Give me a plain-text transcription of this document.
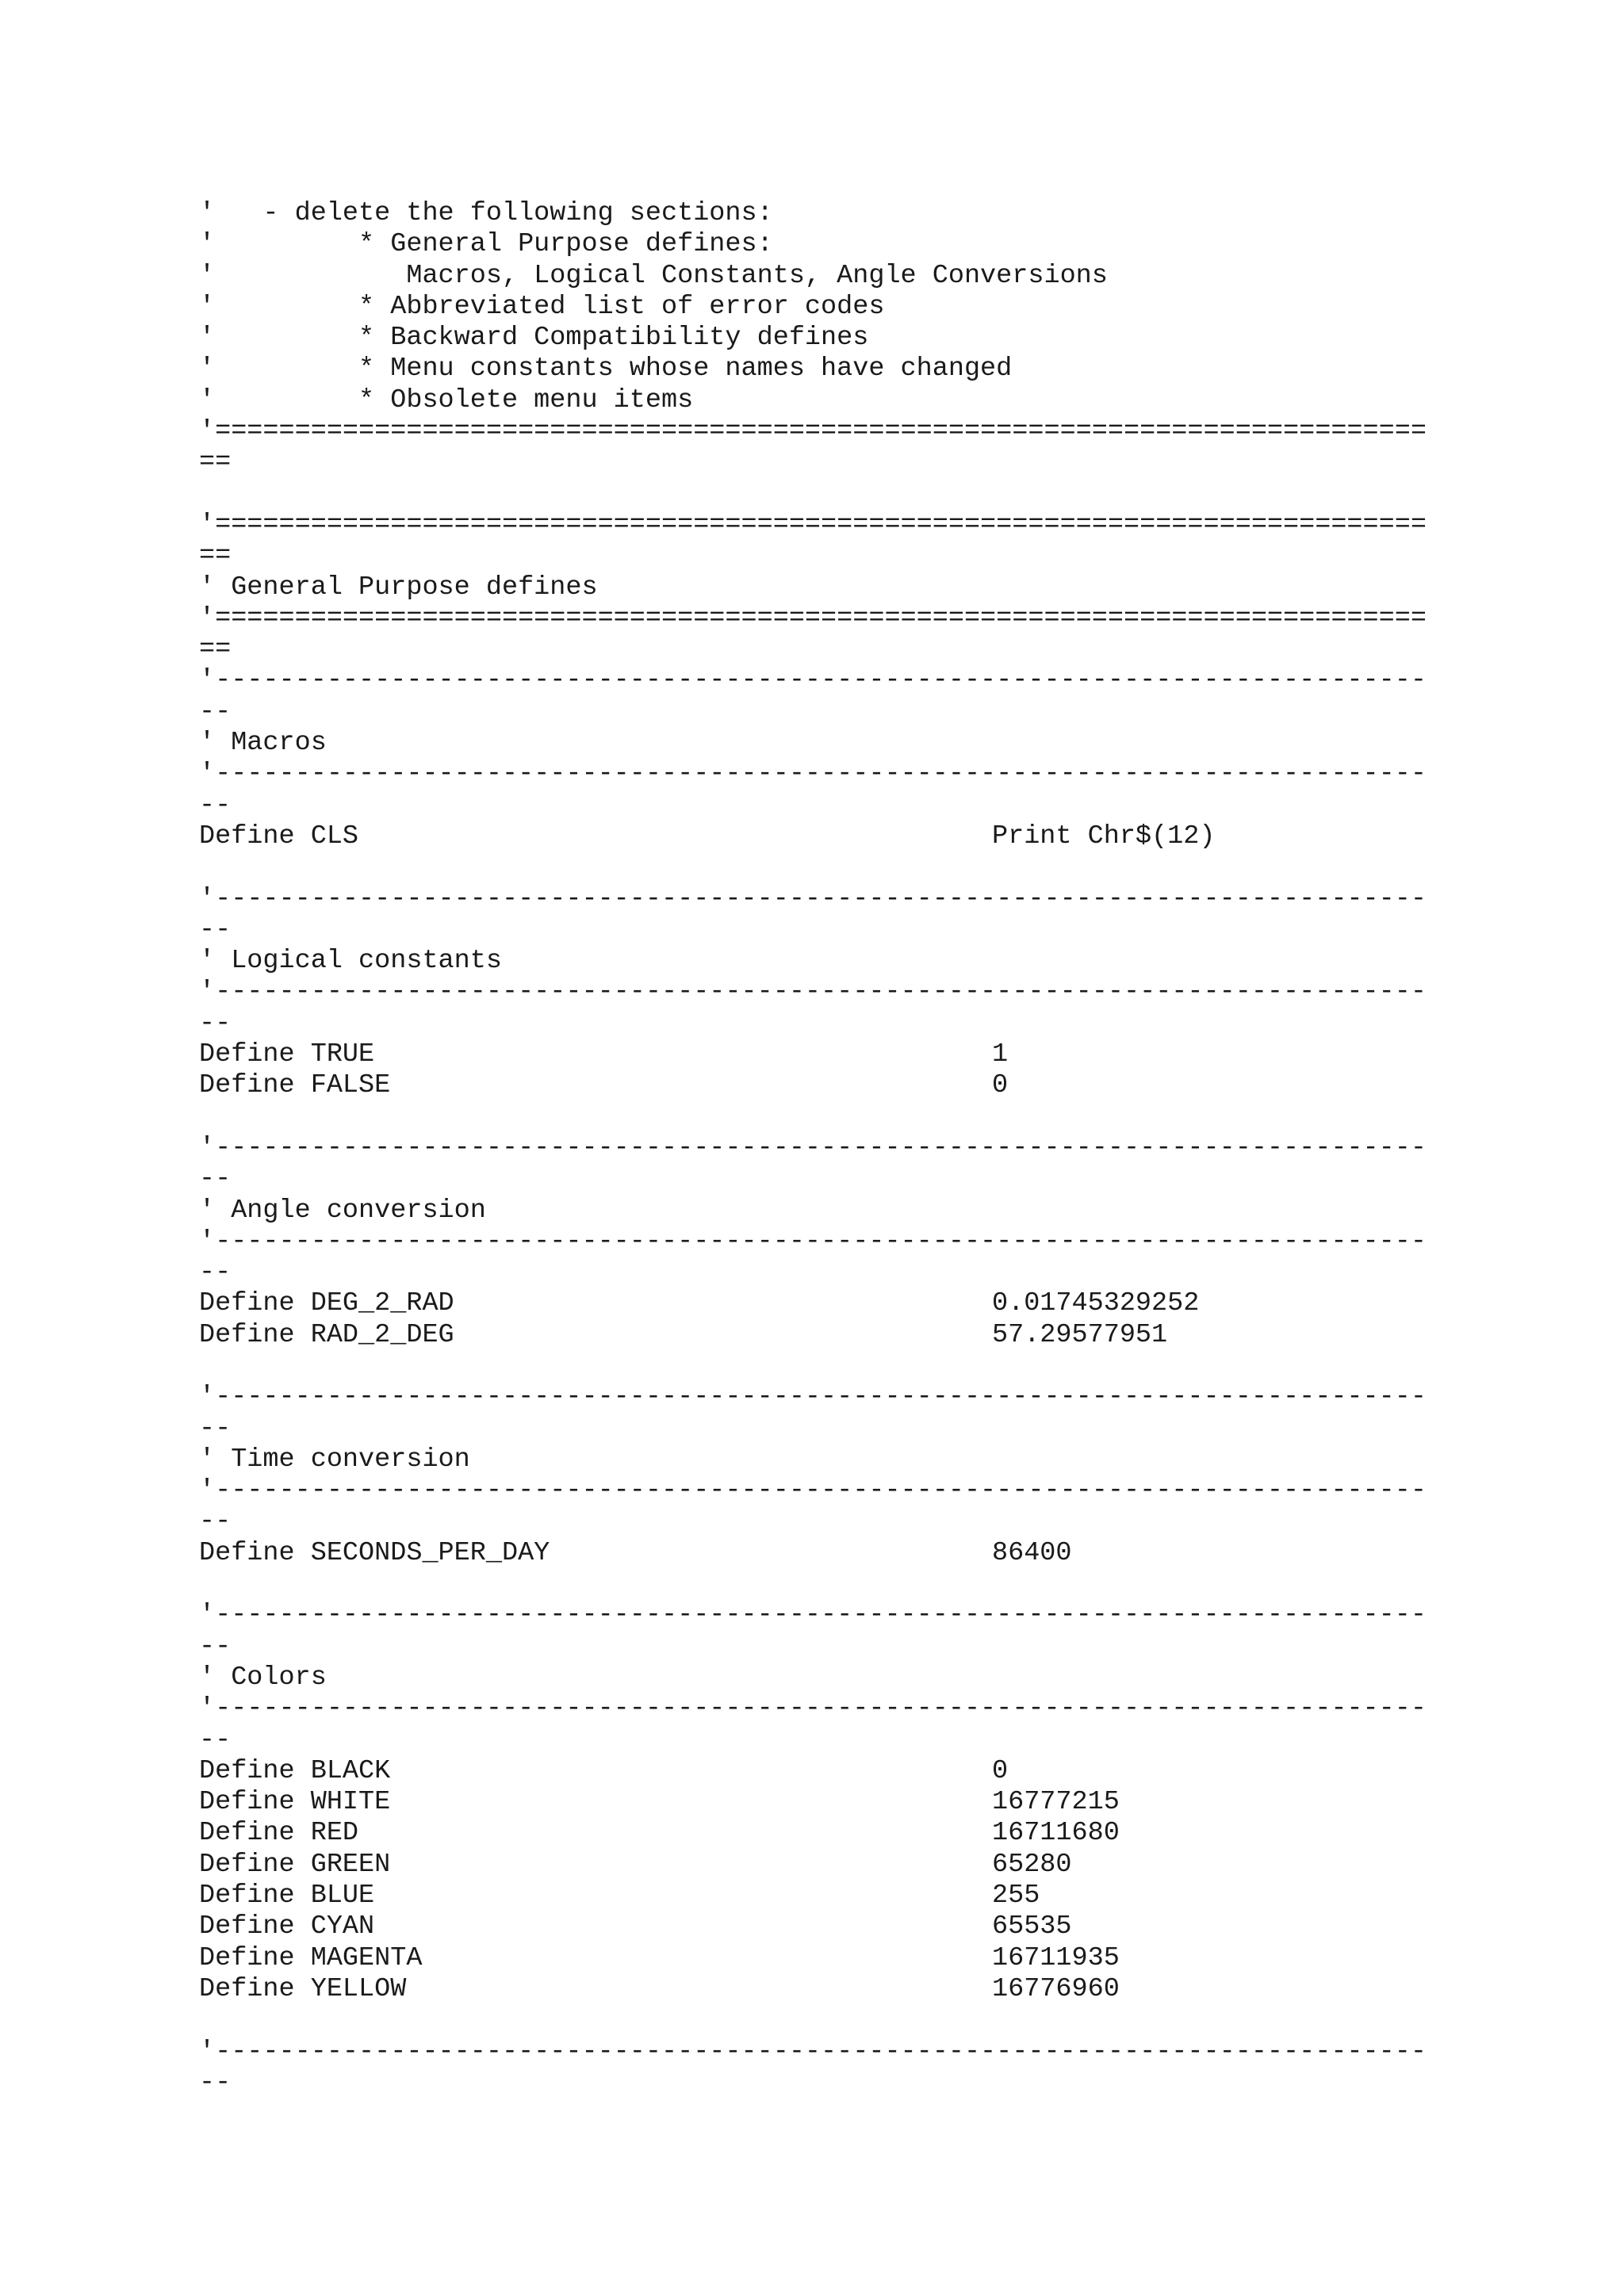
'   - delete the following sections:
'         * General Purpose defines:
'            Macros, Logical Constants, Angle Conversions
'         * Abbreviated list of error codes
'         * Backward Compatibility defines
'         * Menu constants whose names have changed
'         * Obsolete menu items
'============================================================================
==
'============================================================================
==
' General Purpose defines
'============================================================================
==
'----------------------------------------------------------------------------
--
' Macros
'----------------------------------------------------------------------------
--
Define CLS	Print Chr$(12)
'----------------------------------------------------------------------------
--
' Logical constants
'----------------------------------------------------------------------------
--
Define TRUE	1
Define FALSE	0
'----------------------------------------------------------------------------
--
' Angle conversion
'----------------------------------------------------------------------------
--
Define DEG_2_RAD	0.01745329252
Define RAD_2_DEG	57.29577951
'----------------------------------------------------------------------------
--
' Time conversion
'----------------------------------------------------------------------------
--
Define SECONDS_PER_DAY	86400
'----------------------------------------------------------------------------
--
' Colors
'----------------------------------------------------------------------------
--
Define BLACK	0
Define WHITE	16777215
Define RED	16711680
Define GREEN	65280
Define BLUE	255
Define CYAN	65535
Define MAGENTA	16711935
Define YELLOW	16776960
'----------------------------------------------------------------------------
--
